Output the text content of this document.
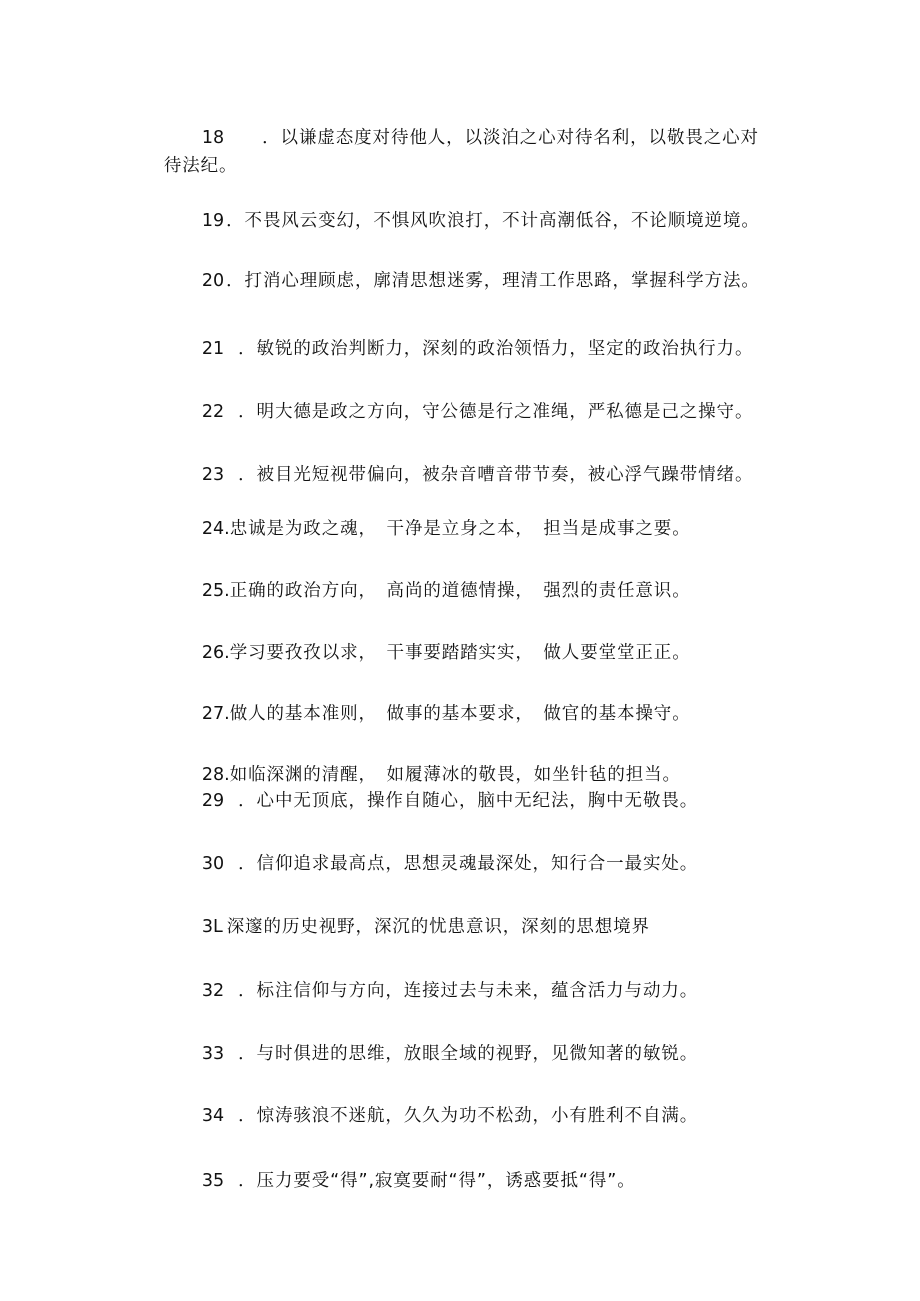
18 ．以谦虚态度对待他人，以淡泊之心对待名利，以敬畏之心对

待法纪。

19 ．不畏风云变幻，不惧风吹浪打，不计高潮低谷，不论顺境逆境。

20 ．打消心理顾虑，廓清思想迷雾，理清工作思路，掌握科学方法。

21 ．敏锐的政治判断力，深刻的政治领悟力，坚定的政治执行力。

22 ．明大德是政之方向，守公德是行之准绳，严私德是己之操守。

23 ．被目光短视带偏向，被杂音嘈音带节奏，被心浮气躁带情绪。

24.忠诚是为政之魂，　干净是立身之本，　担当是成事之要。

25.正确的政治方向，　高尚的道德情操，　强烈的责任意识。

26.学习要孜孜以求，　干事要踏踏实实，　做人要堂堂正正。

27.做人的基本准则，　做事的基本要求，　做官的基本操守。

28.如临深渊的清醒，　如履薄冰的敬畏，如坐针毡的担当。

29 ．心中无顶底，操作自随心，脑中无纪法，胸中无敬畏。

30 ．信仰追求最高点，思想灵魂最深处，知行合一最实处。

3L 深邃的历史视野，深沉的忧患意识，深刻的思想境界

32 ．标注信仰与方向，连接过去与未来，蕴含活力与动力。

33 ．与时俱进的思维，放眼全域的视野，见微知著的敏锐。

34 ．惊涛骇浪不迷航，久久为功不松劲，小有胜利不自满。

35 ．压力要受“得”,寂寞要耐“得”，诱惑要抵“得”。
